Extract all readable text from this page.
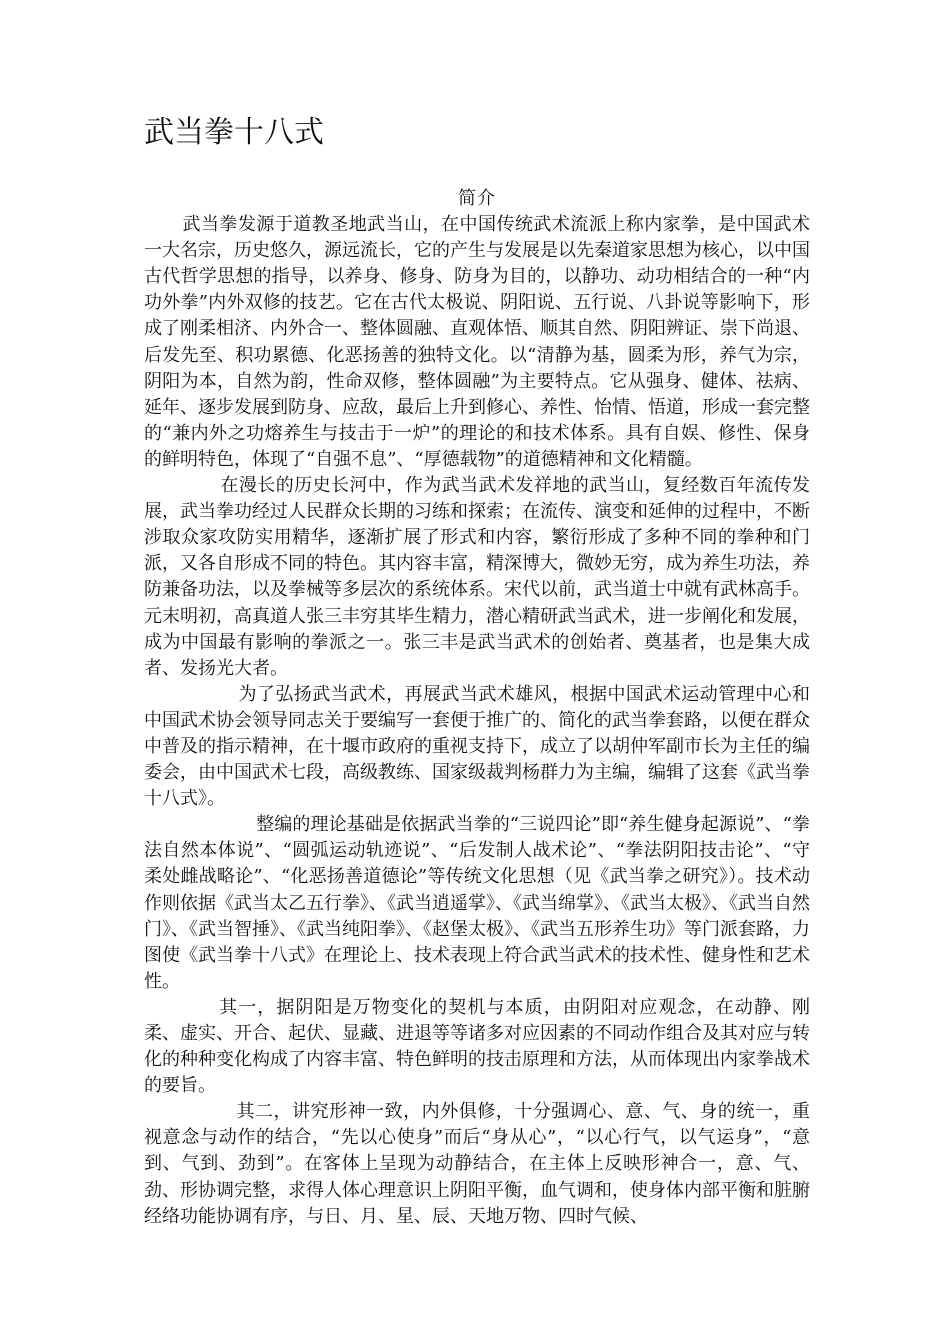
武当拳十八式

简介

武当拳发源于道教圣地武当山，在中国传统武术流派上称内家拳，是中国武术一大名宗，历史悠久，源远流长，它的产生与发展是以先秦道家思想为核心，以中国古代哲学思想的指导，以养身、修身、防身为目的，以静功、动功相结合的一种“内功外拳”内外双修的技艺。它在古代太极说、阴阳说、五行说、八卦说等影响下，形成了刚柔相济、内外合一、整体圆融、直观体悟、顺其自然、阴阳辨证、崇下尚退、后发先至、积功累德、化恶扬善的独特文化。以“清静为基，圆柔为形，养气为宗，阴阳为本，自然为韵，性命双修，整体圆融”为主要特点。它从强身、健体、祛病、延年、逐步发展到防身、应敌，最后上升到修心、养性、怡情、悟道，形成一套完整的“兼内外之功熔养生与技击于一炉”的理论的和技术体系。具有自娱、修性、保身的鲜明特色，体现了“自强不息”、“厚德载物”的道德精神和文化精髓。

在漫长的历史长河中，作为武当武术发祥地的武当山，复经数百年流传发展，武当拳功经过人民群众长期的习练和探索；在流传、演变和延伸的过程中，不断涉取众家攻防实用精华，逐渐扩展了形式和内容，繁衍形成了多种不同的拳种和门派，又各自形成不同的特色。其内容丰富，精深博大，微妙无穷，成为养生功法，养防兼备功法，以及拳械等多层次的系统体系。宋代以前，武当道士中就有武林高手。元末明初，高真道人张三丰穷其毕生精力，潜心精研武当武术，进一步阐化和发展，成为中国最有影响的拳派之一。张三丰是武当武术的创始者、奠基者，也是集大成者、发扬光大者。

为了弘扬武当武术，再展武当武术雄风，根据中国武术运动管理中心和中国武术协会领导同志关于要编写一套便于推广的、简化的武当拳套路，以便在群众中普及的指示精神，在十堰市政府的重视支持下，成立了以胡仲军副市长为主任的编委会，由中国武术七段，高级教练、国家级裁判杨群力为主编，编辑了这套《武当拳十八式》。

整编的理论基础是依据武当拳的“三说四论”即“养生健身起源说”、“拳法自然本体说”、“圆弧运动轨迹说”、“后发制人战术论”、“拳法阴阳技击论”、“守柔处雌战略论”、“化恶扬善道德论”等传统文化思想（见《武当拳之研究》）。技术动作则依据《武当太乙五行拳》、《武当逍遥掌》、《武当绵掌》、《武当太极》、《武当自然门》、《武当智捶》、《武当纯阳拳》、《赵堡太极》、《武当五形养生功》等门派套路，力图使《武当拳十八式》在理论上、技术表现上符合武当武术的技术性、健身性和艺术性。

其一，据阴阳是万物变化的契机与本质，由阴阳对应观念，在动静、刚柔、虚实、开合、起伏、显藏、进退等等诸多对应因素的不同动作组合及其对应与转化的种种变化构成了内容丰富、特色鲜明的技击原理和方法，从而体现出内家拳战术的要旨。

其二，讲究形神一致，内外俱修，十分强调心、意、气、身的统一，重视意念与动作的结合，“先以心使身”而后“身从心”，“以心行气，以气运身”，“意到、气到、劲到”。在客体上呈现为动静结合，在主体上反映形神合一，意、气、劲、形协调完整，求得人体心理意识上阴阳平衡，血气调和，使身体内部平衡和脏腑经络功能协调有序，与日、月、星、辰、天地万物、四时气候、
